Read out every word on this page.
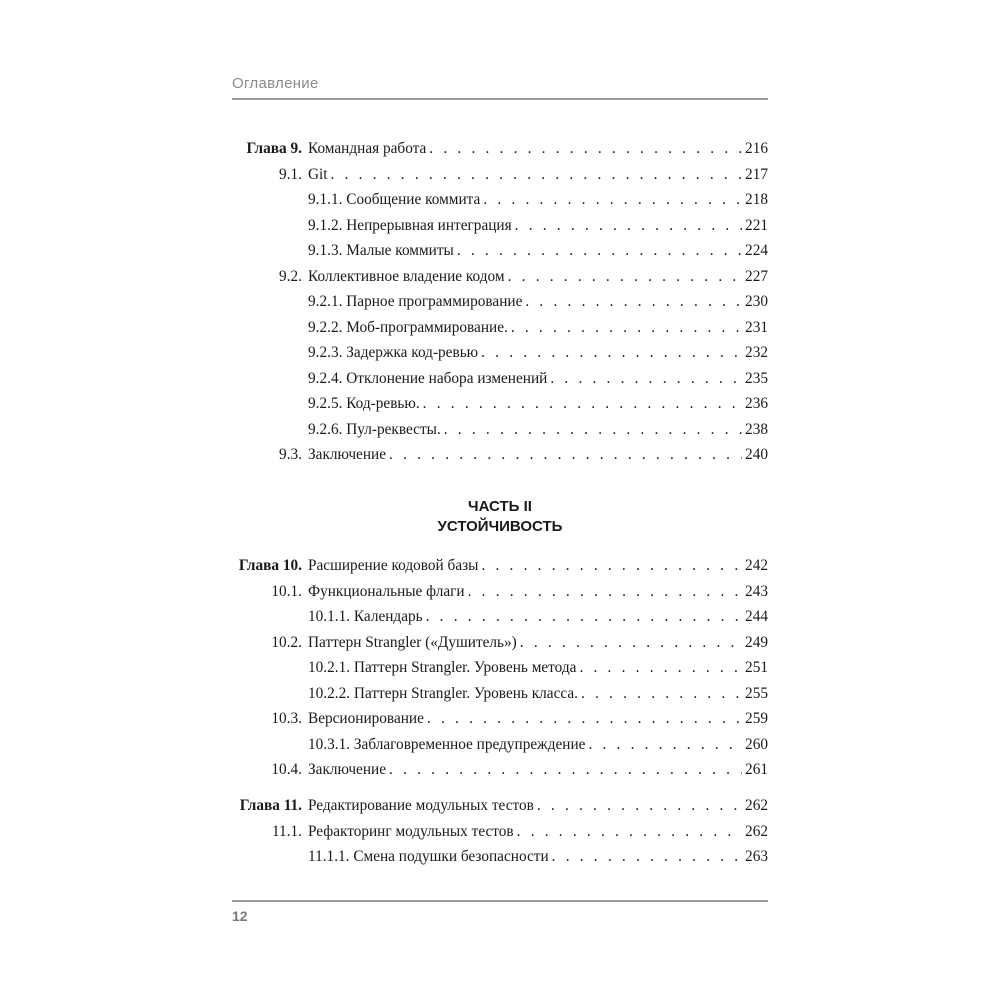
Оглавление
Глава 9. Командная работа . . .	216
9.1. Git . . .	217
9.1.1. Сообщение коммита . . .	218
9.1.2. Непрерывная интеграция . . .	221
9.1.3. Малые коммиты . . .	224
9.2. Коллективное владение кодом . . .	227
9.2.1. Парное программирование . . .	230
9.2.2. Моб-программирование. . . .	231
9.2.3. Задержка код-ревью . . .	232
9.2.4. Отклонение набора изменений . . .	235
9.2.5. Код-ревью. . . .	236
9.2.6. Пул-реквесты. . . .	238
9.3. Заключение . . .	240
ЧАСТЬ II
УСТОЙЧИВОСТЬ
Глава 10. Расширение кодовой базы . . .	242
10.1. Функциональные флаги . . .	243
10.1.1. Календарь . . .	244
10.2. Паттерн Strangler («Душитель») . . .	249
10.2.1. Паттерн Strangler. Уровень метода . . .	251
10.2.2. Паттерн Strangler. Уровень класса. . . .	255
10.3. Версионирование . . .	259
10.3.1. Заблаговременное предупреждение . . .	260
10.4. Заключение . . .	261
Глава 11. Редактирование модульных тестов . . .	262
11.1. Рефакторинг модульных тестов . . .	262
11.1.1. Смена подушки безопасности . . .	263
12
